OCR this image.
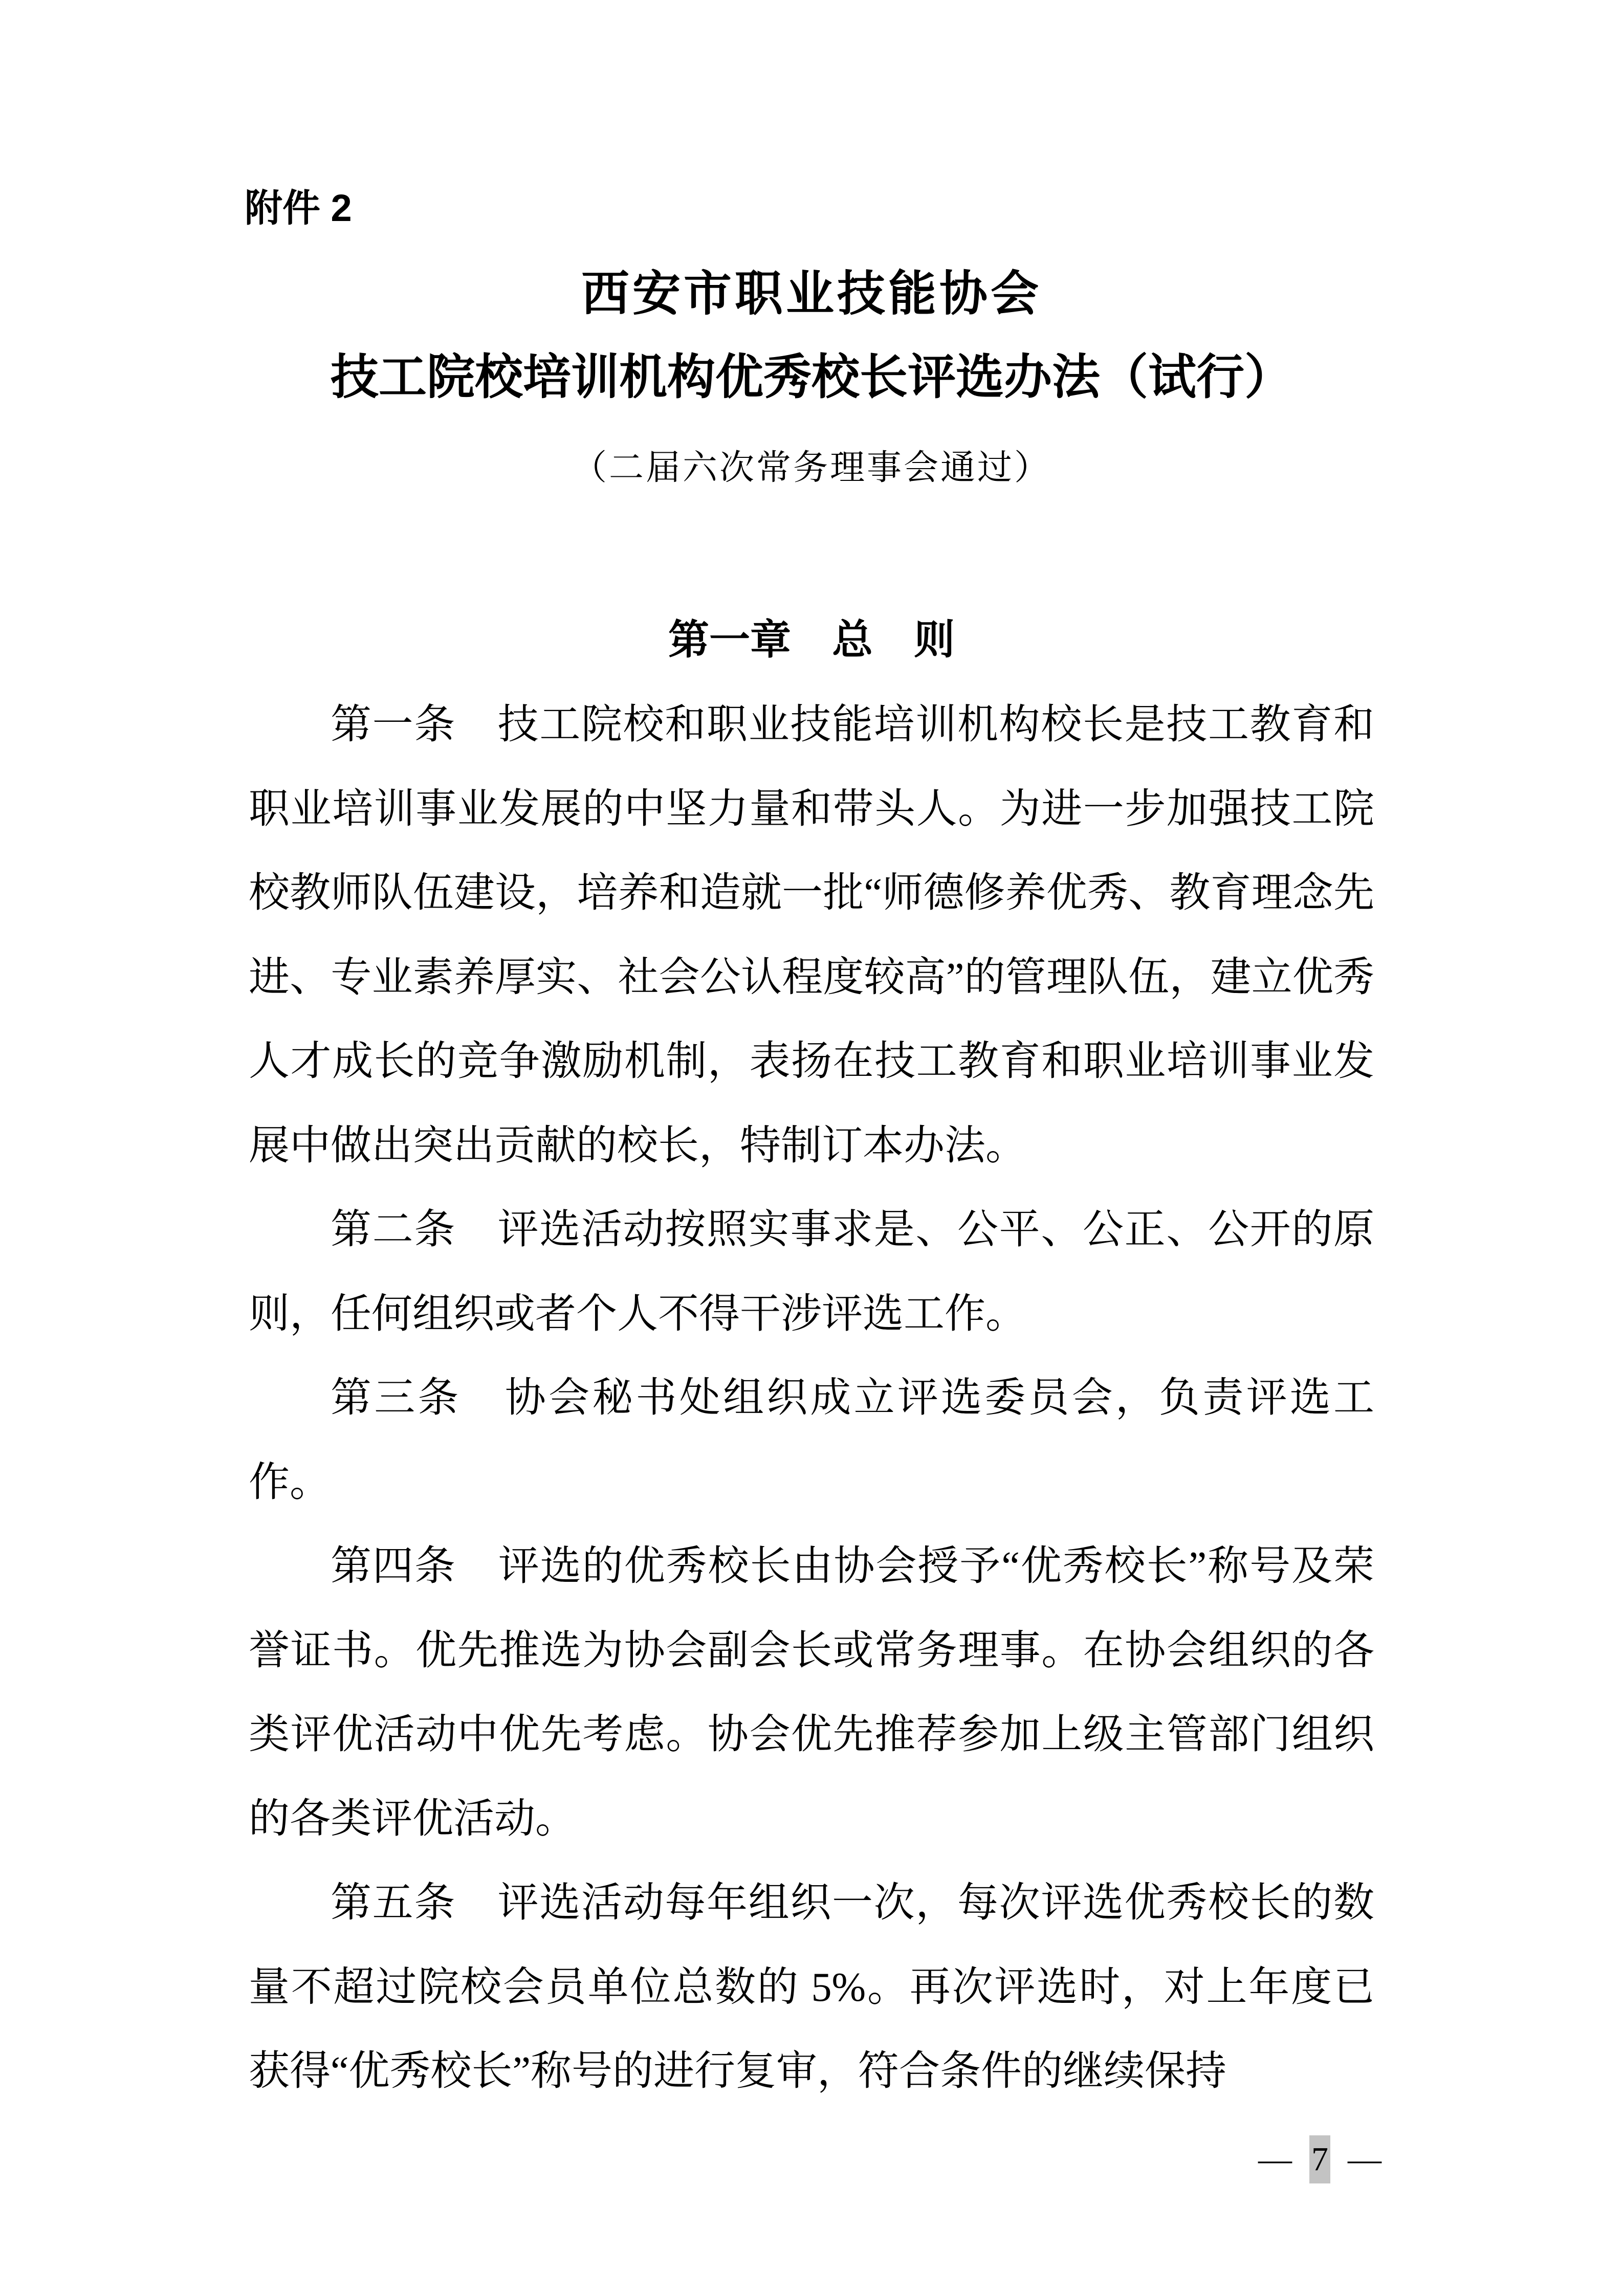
附件 2
西安市职业技能协会
技工院校培训机构优秀校长评选办法（试行）
（二届六次常务理事会通过）
第一章　总　则

第一条　技工院校和职业技能培训机构校长是技工教育和职业培训事业发展的中坚力量和带头人。为进一步加强技工院校教师队伍建设，培养和造就一批“师德修养优秀、教育理念先进、专业素养厚实、社会公认程度较高”的管理队伍，建立优秀人才成长的竞争激励机制，表扬在技工教育和职业培训事业发展中做出突出贡献的校长，特制订本办法。

第二条　评选活动按照实事求是、公平、公正、公开的原则，任何组织或者个人不得干涉评选工作。

第三条　协会秘书处组织成立评选委员会，负责评选工作。

第四条　评选的优秀校长由协会授予“优秀校长”称号及荣誉证书。优先推选为协会副会长或常务理事。在协会组织的各类评优活动中优先考虑。协会优先推荐参加上级主管部门组织的各类评优活动。

第五条　评选活动每年组织一次，每次评选优秀校长的数量不超过院校会员单位总数的 5%。再次评选时，对上年度已获得“优秀校长”称号的进行复审，符合条件的继续保持

— 7 —
